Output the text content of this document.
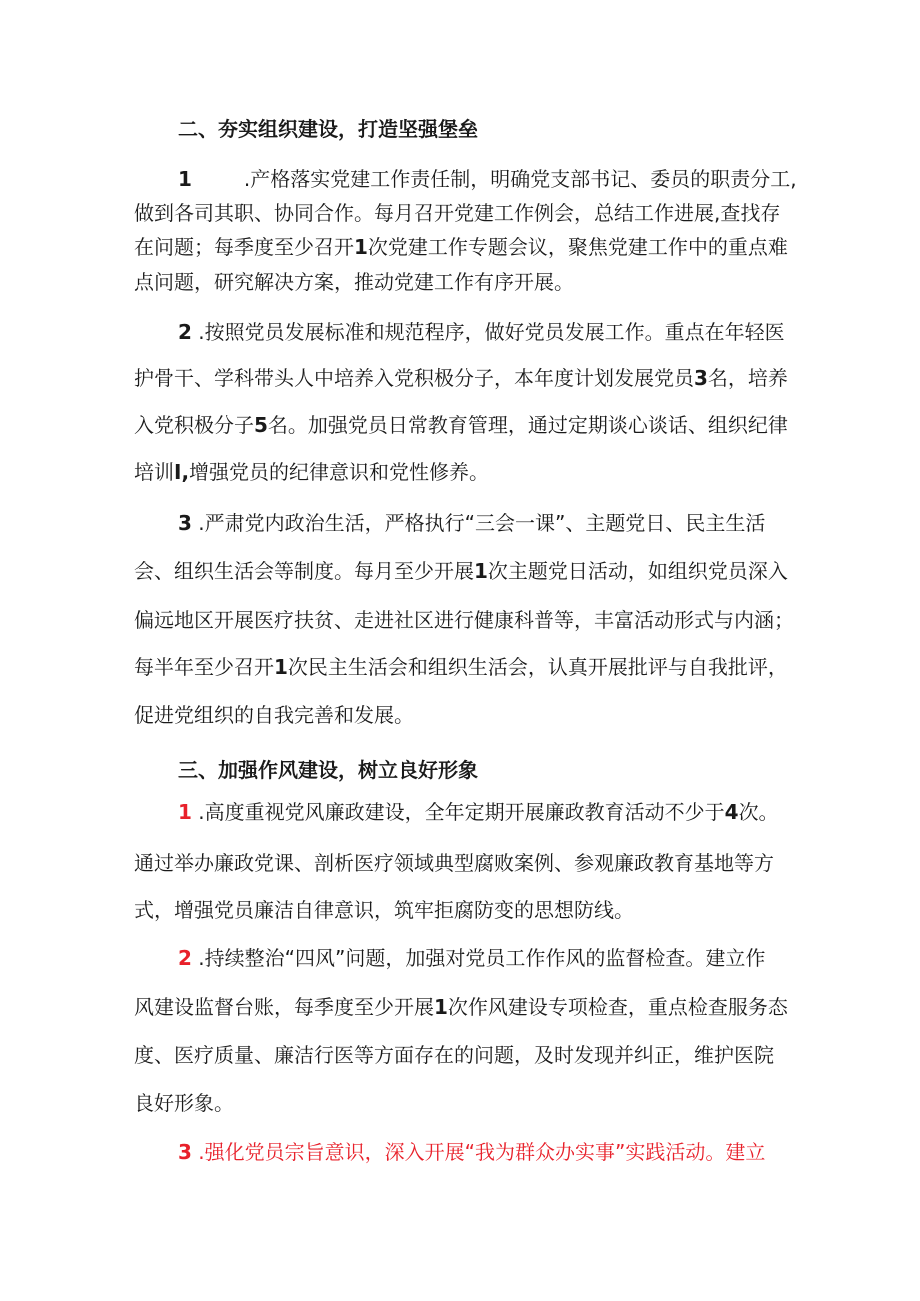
二、夯实组织建设，打造坚强堡垒
1	.产格落实党建工作责任制，明确党支部书记、委员的职责分工,
做到各司其职、协同合作。每月召开党建工作例会，总结工作进展,查找存
在问题；每季度至少召开1次党建工作专题会议，聚焦党建工作中的重点难
点问题，研究解决方案，推动党建工作有序开展。
2 .按照党员发展标准和规范程序，做好党员发展工作。重点在年轻医
护骨干、学科带头人中培养入党积极分子，本年度计划发展党员3名，培养
入党积极分子5名。加强党员日常教育管理，通过定期谈心谈话、组织纪律
培训I,增强党员的纪律意识和党性修养。
3 .严肃党内政治生活，严格执行“三会一课”、主题党日、民主生活
会、组织生活会等制度。每月至少开展1次主题党日活动，如组织党员深入
偏远地区开展医疗扶贫、走进社区进行健康科普等，丰富活动形式与内涵；
每半年至少召开1次民主生活会和组织生活会，认真开展批评与自我批评，
促进党组织的自我完善和发展。
三、加强作风建设，树立良好形象
1 .高度重视党风廉政建设，全年定期开展廉政教育活动不少于4次。
通过举办廉政党课、剖析医疗领域典型腐败案例、参观廉政教育基地等方
式，增强党员廉洁自律意识，筑牢拒腐防变的思想防线。
2 .持续整治“四风”问题，加强对党员工作作风的监督检查。建立作
风建设监督台账，每季度至少开展1次作风建设专项检查，重点检查服务态
度、医疗质量、廉洁行医等方面存在的问题，及时发现并纠正，维护医院
良好形象。
3 .强化党员宗旨意识，深入开展“我为群众办实事”实践活动。建立
